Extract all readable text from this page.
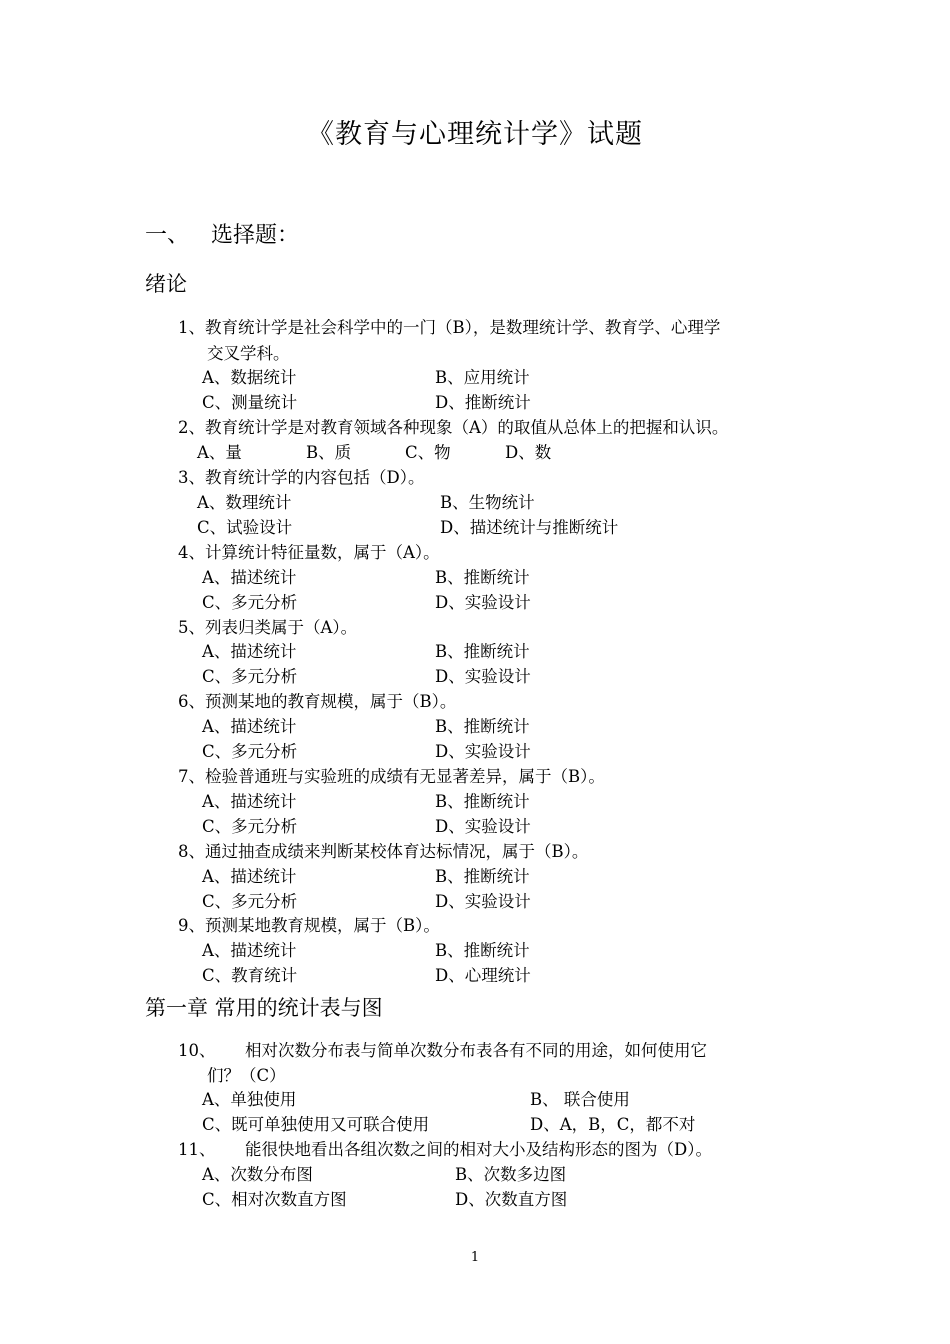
《教育与心理统计学》试题
一、 选择题：
绪论
1、教育统计学是社会科学中的一门（B），是数理统计学、教育学、心理学
交叉学科。
A、数据统计	B、应用统计
C、测量统计	D、推断统计
2、教育统计学是对教育领域各种现象（A）的取值从总体上的把握和认识。
A、量	B、质	C、物	D、数
3、教育统计学的内容包括（D）。
A、数理统计	B、生物统计
C、试验设计	D、描述统计与推断统计
4、计算统计特征量数，属于（A）。
A、描述统计	B、推断统计
C、多元分析	D、实验设计
5、列表归类属于（A）。
A、描述统计	B、推断统计
C、多元分析	D、实验设计
6、预测某地的教育规模，属于（B）。
A、描述统计	B、推断统计
C、多元分析	D、实验设计
7、检验普通班与实验班的成绩有无显著差异，属于（B）。
A、描述统计	B、推断统计
C、多元分析	D、实验设计
8、通过抽查成绩来判断某校体育达标情况，属于（B）。
A、描述统计	B、推断统计
C、多元分析	D、实验设计
9、预测某地教育规模，属于（B）。
A、描述统计	B、推断统计
C、教育统计	D、心理统计
第一章 常用的统计表与图
10、 相对次数分布表与简单次数分布表各有不同的用途，如何使用它
们？（C）
A、单独使用	B、 联合使用
C、既可单独使用又可联合使用	D、A，B，C，都不对
11、 能很快地看出各组次数之间的相对大小及结构形态的图为（D）。
A、次数分布图	B、次数多边图
C、相对次数直方图	D、次数直方图
1
